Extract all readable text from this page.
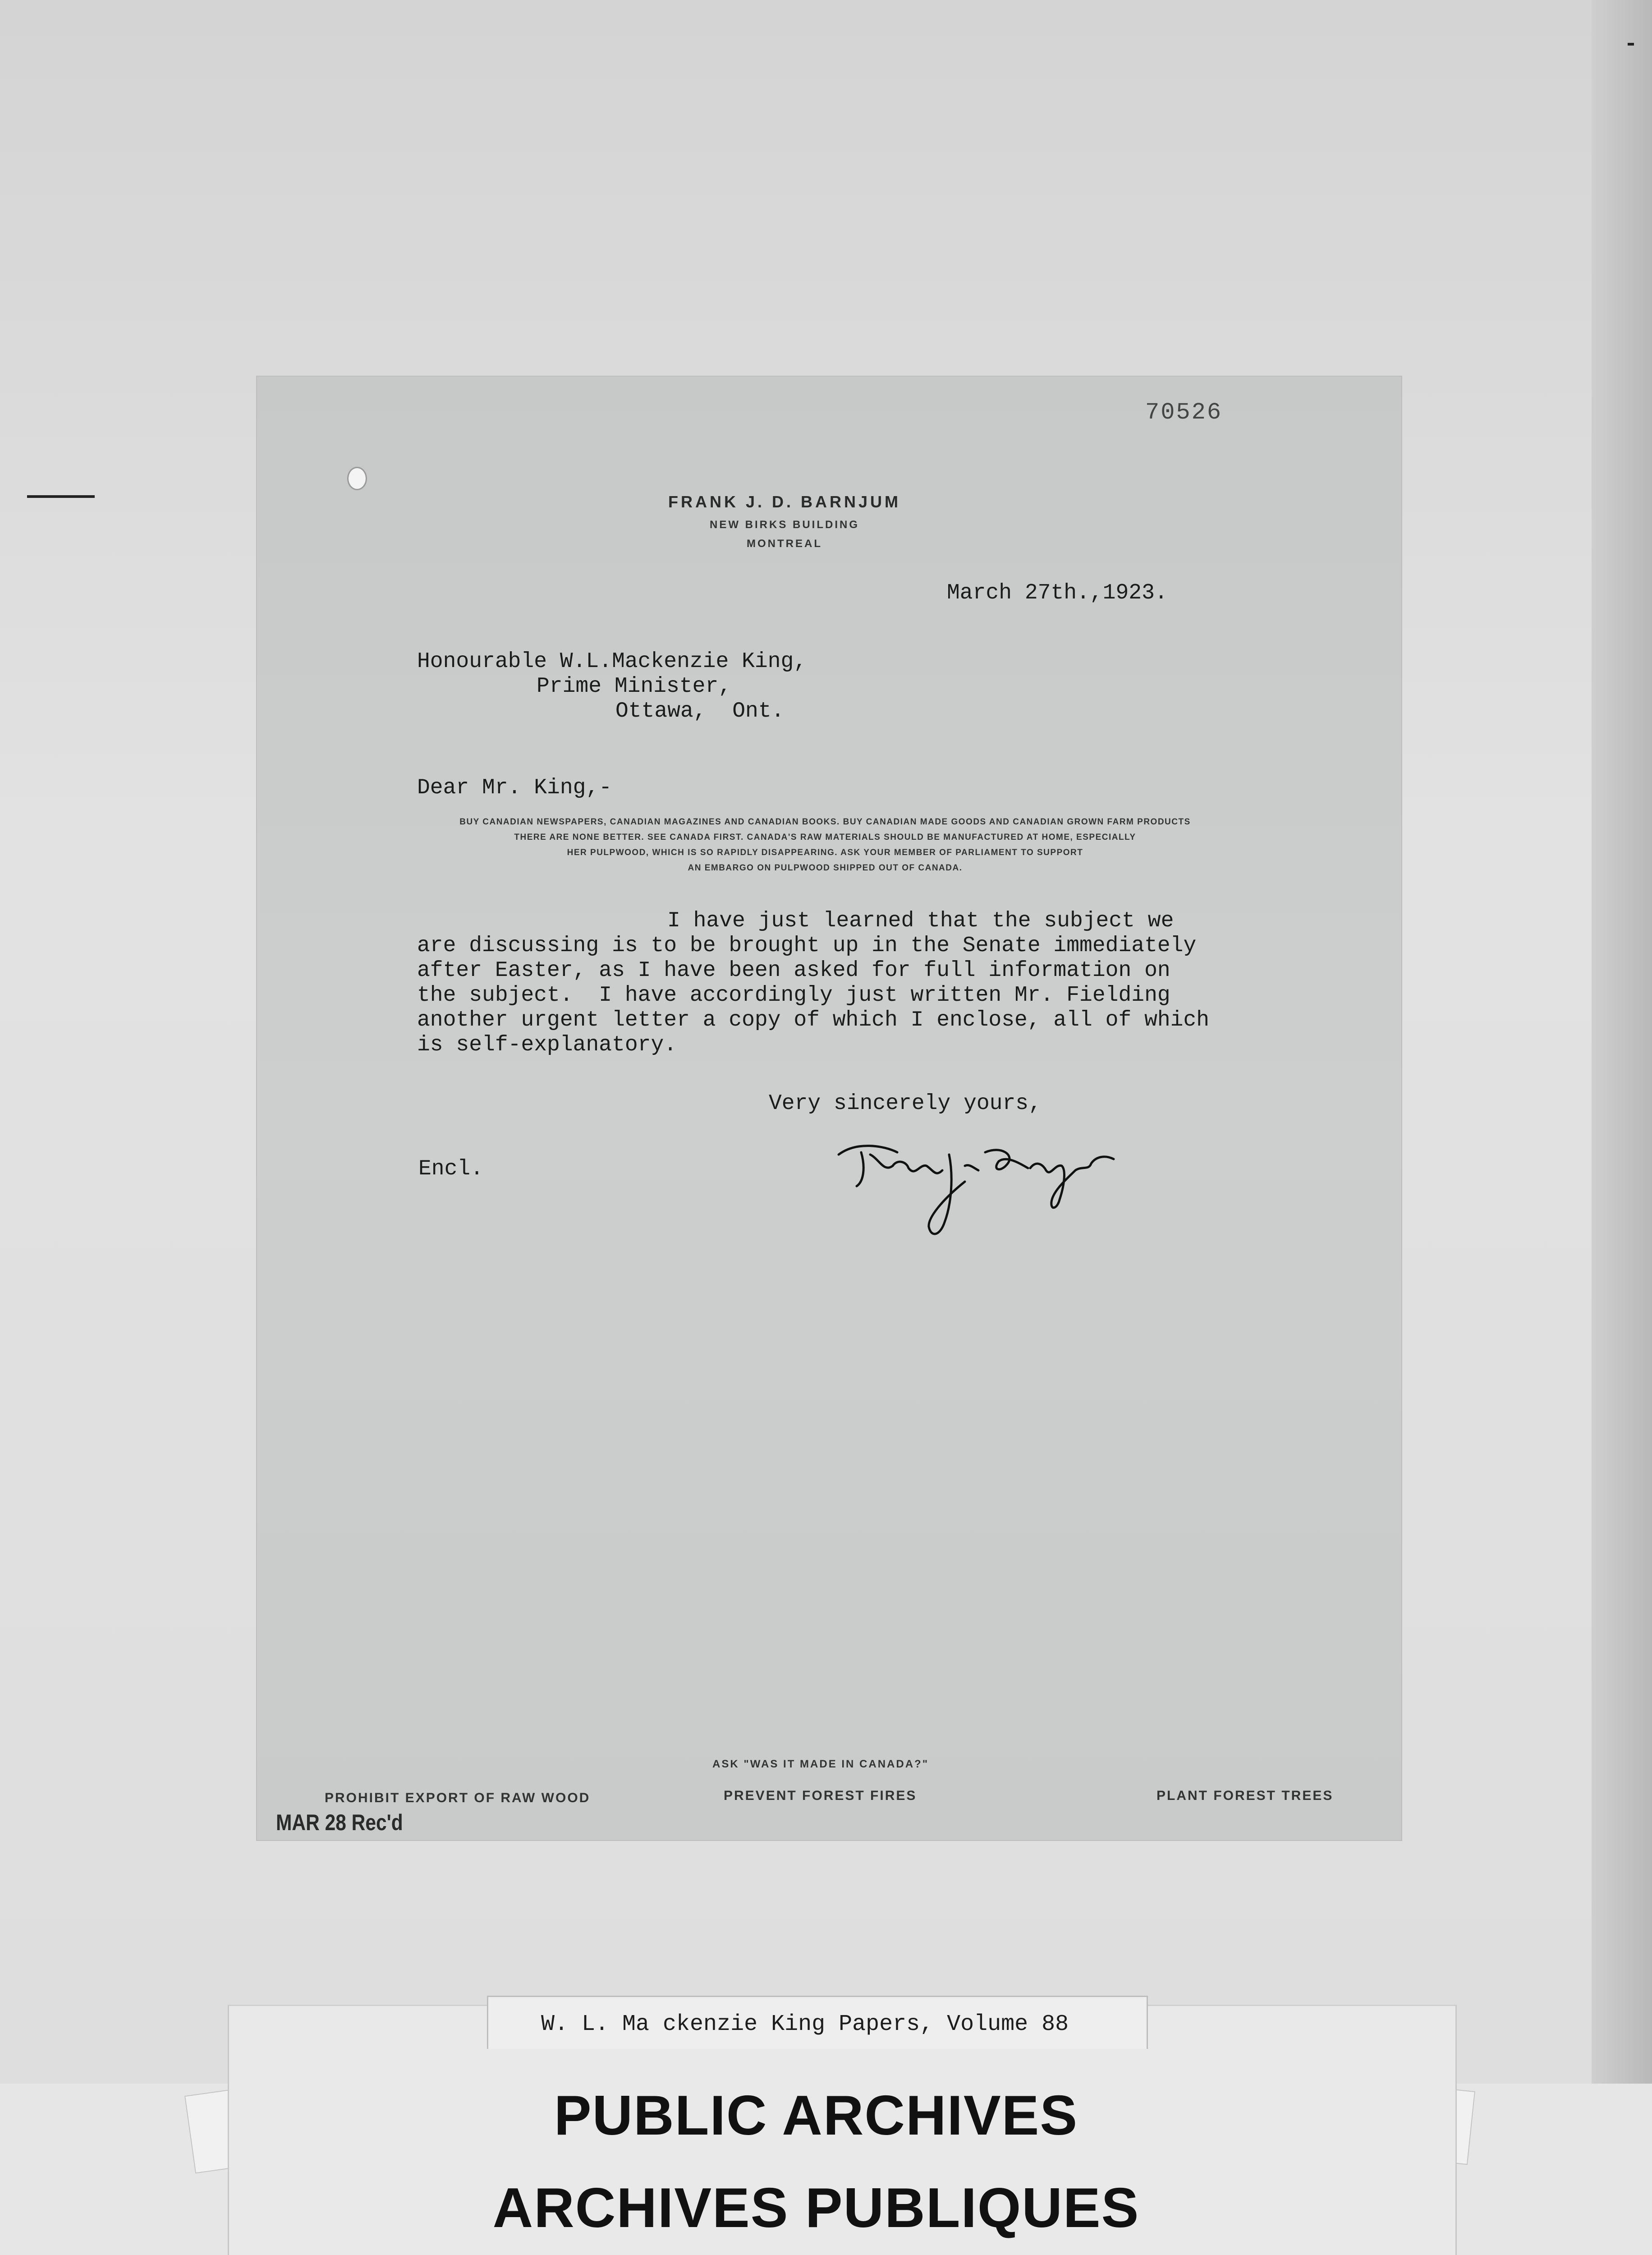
70526
FRANK J. D. BARNJUM
NEW BIRKS BUILDING
MONTREAL
March 27th.,1923.
Honourable W.L.Mackenzie King,
Prime Minister,
Ottawa,  Ont.
Dear Mr. King,-
BUY CANADIAN NEWSPAPERS, CANADIAN MAGAZINES AND CANADIAN BOOKS. BUY CANADIAN MADE GOODS AND CANADIAN GROWN FARM PRODUCTS
THERE ARE NONE BETTER. SEE CANADA FIRST. CANADA'S RAW MATERIALS SHOULD BE MANUFACTURED AT HOME, ESPECIALLY
HER PULPWOOD, WHICH IS SO RAPIDLY DISAPPEARING. ASK YOUR MEMBER OF PARLIAMENT TO SUPPORT
AN EMBARGO ON PULPWOOD SHIPPED OUT OF CANADA.
I have just learned that the subject we
are discussing is to be brought up in the Senate immediately
after Easter, as I have been asked for full information on
the subject.  I have accordingly just written Mr. Fielding
another urgent letter a copy of which I enclose, all of which
is self-explanatory.
Very sincerely yours,
Encl.
ASK "WAS IT MADE IN CANADA?"
PROHIBIT EXPORT OF RAW WOOD	PREVENT FOREST FIRES	PLANT FOREST TREES
MAR 28 Rec'd
W. L. Ma ckenzie King Papers, Volume 88
PUBLIC ARCHIVES
ARCHIVES PUBLIQUES
